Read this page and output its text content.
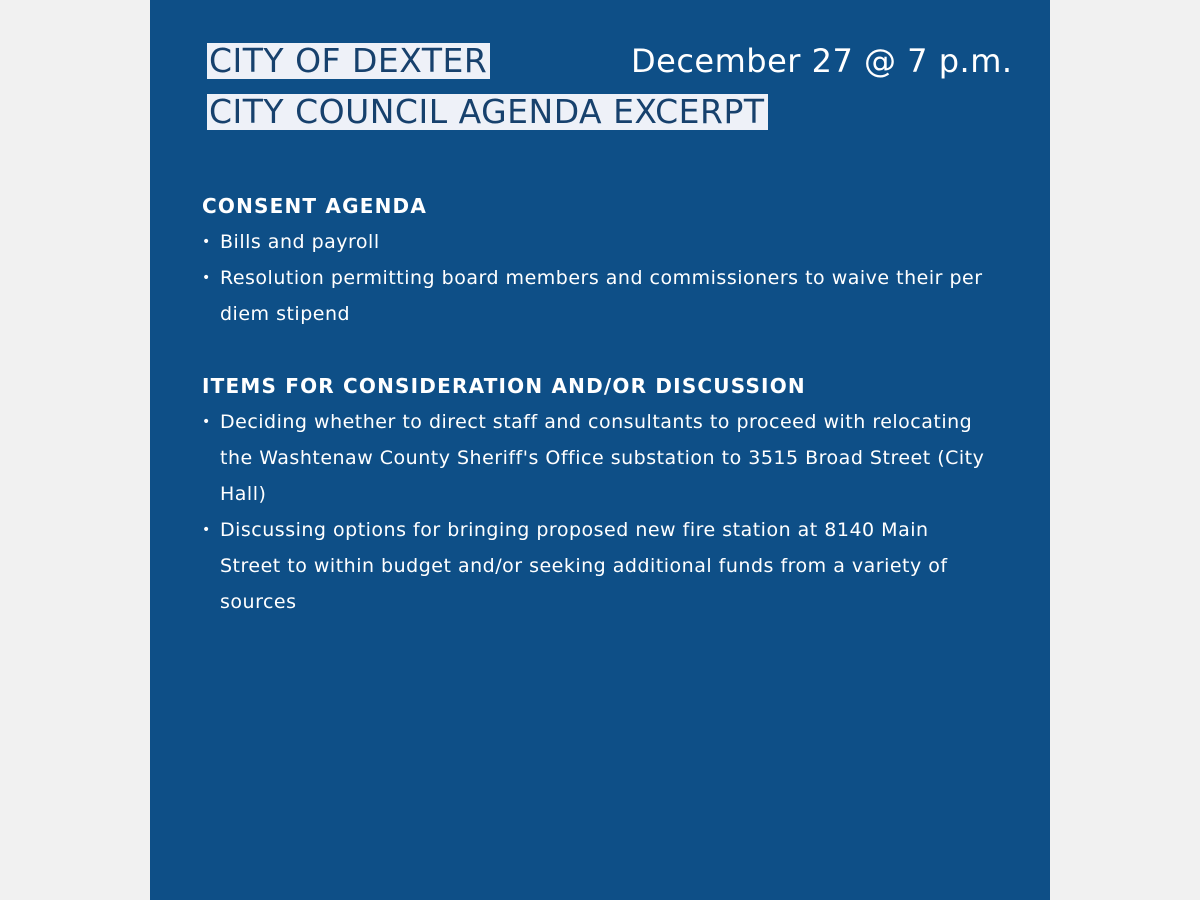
CITY OF DEXTER
CITY COUNCIL AGENDA EXCERPT
December 27 @ 7 p.m.
CONSENT AGENDA
• Bills and payroll
• Resolution permitting board members and commissioners to waive their per diem stipend
ITEMS FOR CONSIDERATION AND/OR DISCUSSION
• Deciding whether to direct staff and consultants to proceed with relocating the Washtenaw County Sheriff's Office substation to 3515 Broad Street (City Hall)
• Discussing options for bringing proposed new fire station at 8140 Main Street to within budget and/or seeking additional funds from a variety of sources
